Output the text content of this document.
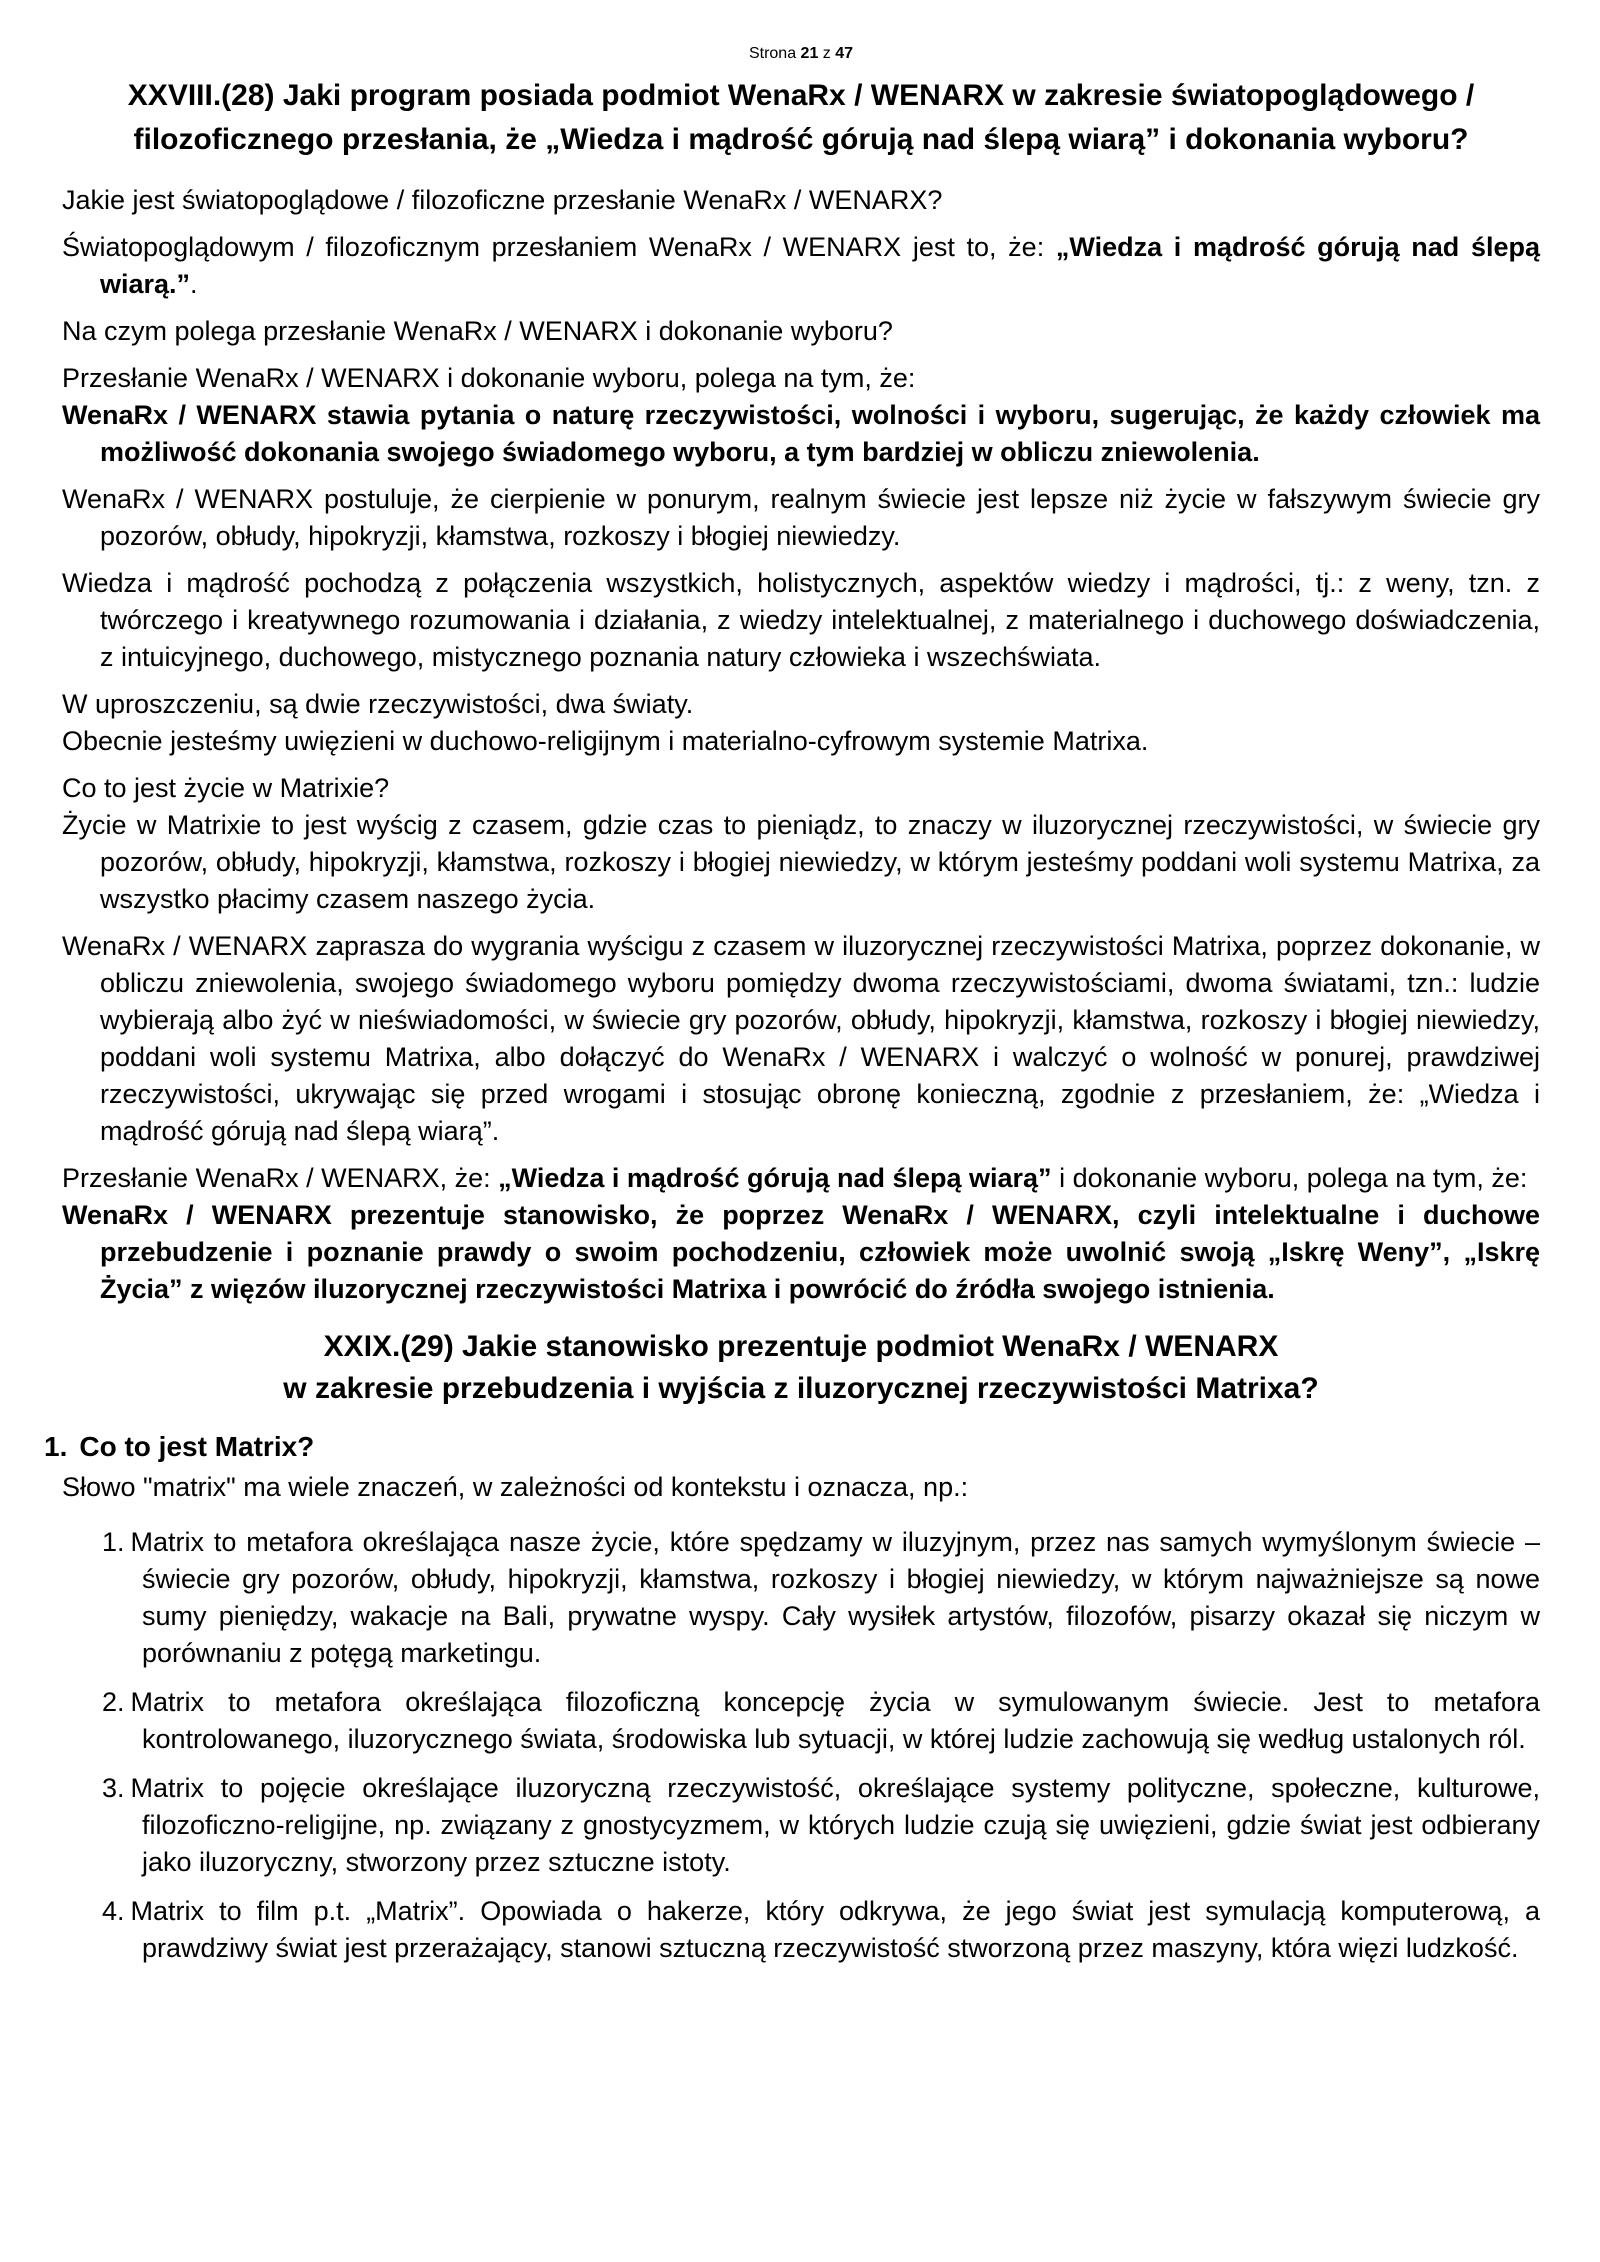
Strona 21 z 47
XXVIII.(28) Jaki program posiada podmiot WenaRx / WENARX w zakresie światopoglądowego / filozoficznego przesłania, że „Wiedza i mądrość górują nad ślepą wiarą” i dokonania wyboru?

Jakie jest światopoglądowe / filozoficzne przesłanie WenaRx / WENARX?

Światopoglądowym / filozoficznym przesłaniem WenaRx / WENARX jest to, że: „Wiedza i mądrość górują nad ślepą wiarą.”.

Na czym polega przesłanie WenaRx / WENARX i dokonanie wyboru?

Przesłanie WenaRx / WENARX i dokonanie wyboru, polega na tym, że:

WenaRx / WENARX stawia pytania o naturę rzeczywistości, wolności i wyboru, sugerując, że każdy człowiek ma możliwość dokonania swojego świadomego wyboru, a tym bardziej w obliczu zniewolenia.

WenaRx / WENARX postuluje, że cierpienie w ponurym, realnym świecie jest lepsze niż życie w fałszywym świecie gry pozorów, obłudy, hipokryzji, kłamstwa, rozkoszy i błogiej niewiedzy.

Wiedza i mądrość pochodzą z połączenia wszystkich, holistycznych, aspektów wiedzy i mądrości, tj.: z weny, tzn. z twórczego i kreatywnego rozumowania i działania, z wiedzy intelektualnej, z materialnego i duchowego doświadczenia, z intuicyjnego, duchowego, mistycznego poznania natury człowieka i wszechświata.

W uproszczeniu, są dwie rzeczywistości, dwa światy.

Obecnie jesteśmy uwięzieni w duchowo-religijnym i materialno-cyfrowym systemie Matrixa.

Co to jest życie w Matrixie?

Życie w Matrixie to jest wyścig z czasem, gdzie czas to pieniądz, to znaczy w iluzorycznej rzeczywistości, w świecie gry pozorów, obłudy, hipokryzji, kłamstwa, rozkoszy i błogiej niewiedzy, w którym jesteśmy poddani woli systemu Matrixa, za wszystko płacimy czasem naszego życia.

WenaRx / WENARX zaprasza do wygrania wyścigu z czasem w iluzorycznej rzeczywistości Matrixa, poprzez dokonanie, w obliczu zniewolenia, swojego świadomego wyboru pomiędzy dwoma rzeczywistościami, dwoma światami, tzn.: ludzie wybierają albo żyć w nieświadomości, w świecie gry pozorów, obłudy, hipokryzji, kłamstwa, rozkoszy i błogiej niewiedzy, poddani woli systemu Matrixa, albo dołączyć do WenaRx / WENARX i walczyć o wolność w ponurej, prawdziwej rzeczywistości, ukrywając się przed wrogami i stosując obronę konieczną, zgodnie z przesłaniem, że: „Wiedza i mądrość górują nad ślepą wiarą”.

Przesłanie WenaRx / WENARX, że: „Wiedza i mądrość górują nad ślepą wiarą” i dokonanie wyboru, polega na tym, że:

WenaRx / WENARX prezentuje stanowisko, że poprzez WenaRx / WENARX, czyli intelektualne i duchowe przebudzenie i poznanie prawdy o swoim pochodzeniu, człowiek może uwolnić swoją „Iskrę Weny”, „Iskrę Życia” z więzów iluzorycznej rzeczywistości Matrixa i powrócić do źródła swojego istnienia.

XXIX.(29) Jakie stanowisko prezentuje podmiot WenaRx / WENARX
w zakresie przebudzenia i wyjścia z iluzorycznej rzeczywistości Matrixa?
1. Co to jest Matrix?

Słowo "matrix" ma wiele znaczeń, w zależności od kontekstu i oznacza, np.:

1. Matrix to metafora określająca nasze życie, które spędzamy w iluzyjnym, przez nas samych wymyślonym świecie – świecie gry pozorów, obłudy, hipokryzji, kłamstwa, rozkoszy i błogiej niewiedzy, w którym najważniejsze są nowe sumy pieniędzy, wakacje na Bali, prywatne wyspy. Cały wysiłek artystów, filozofów, pisarzy okazał się niczym w porównaniu z potęgą marketingu.
2. Matrix to metafora określająca filozoficzną koncepcję życia w symulowanym świecie. Jest to metafora kontrolowanego, iluzorycznego świata, środowiska lub sytuacji, w której ludzie zachowują się według ustalonych ról.
3. Matrix to pojęcie określające iluzoryczną rzeczywistość, określające systemy polityczne, społeczne, kulturowe, filozoficzno-religijne, np. związany z gnostycyzmem, w których ludzie czują się uwięzieni, gdzie świat jest odbierany jako iluzoryczny, stworzony przez sztuczne istoty.
4. Matrix to film p.t. „Matrix”. Opowiada o hakerze, który odkrywa, że jego świat jest symulacją komputerową, a prawdziwy świat jest przerażający, stanowi sztuczną rzeczywistość stworzoną przez maszyny, która więzi ludzkość.
